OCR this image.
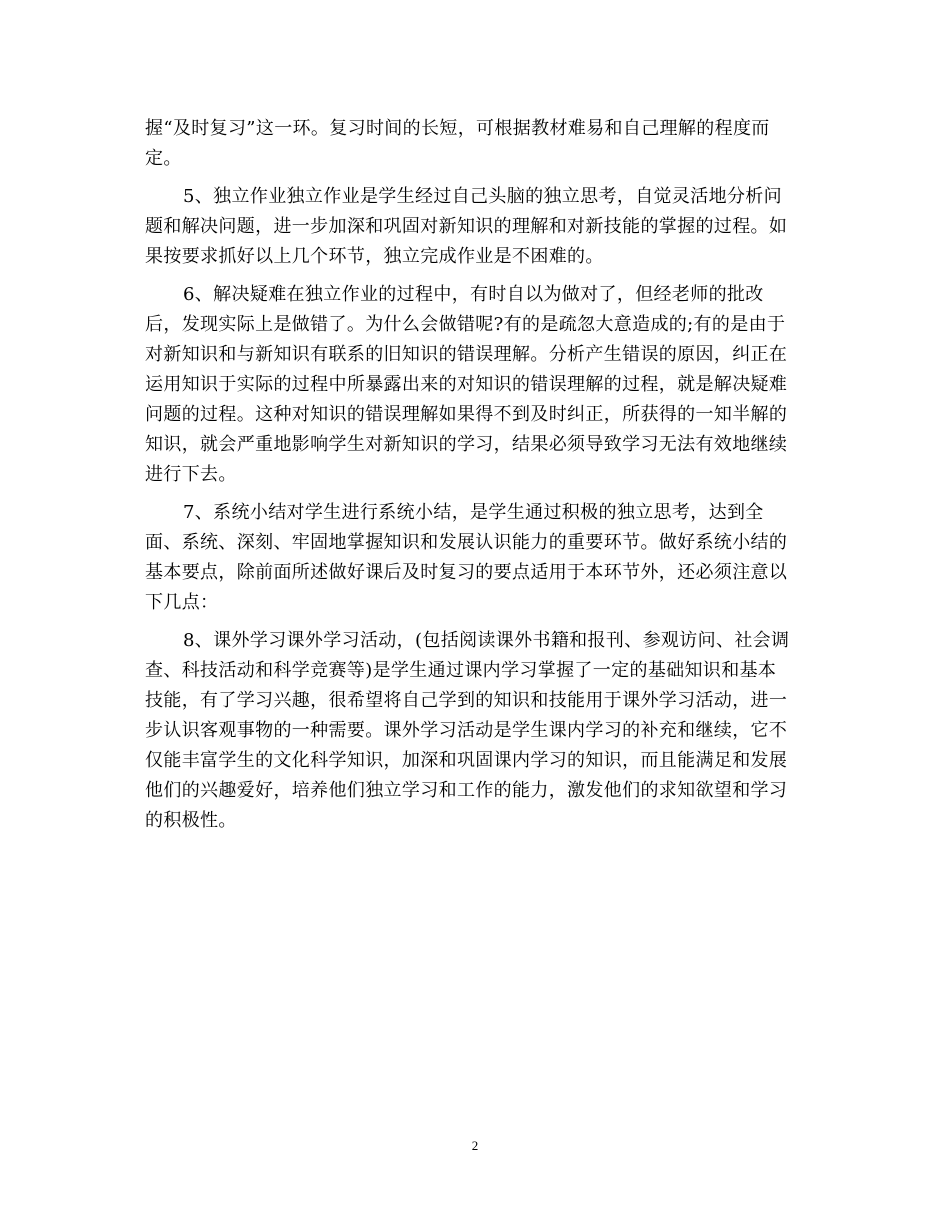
握“及时复习”这一环。复习时间的长短，可根据教材难易和自己理解的程度而
定。
5、独立作业独立作业是学生经过自己头脑的独立思考，自觉灵活地分析问
题和解决问题，进一步加深和巩固对新知识的理解和对新技能的掌握的过程。如
果按要求抓好以上几个环节，独立完成作业是不困难的。
6、解决疑难在独立作业的过程中，有时自以为做对了，但经老师的批改
后，发现实际上是做错了。为什么会做错呢?有的是疏忽大意造成的;有的是由于
对新知识和与新知识有联系的旧知识的错误理解。分析产生错误的原因，纠正在
运用知识于实际的过程中所暴露出来的对知识的错误理解的过程，就是解决疑难
问题的过程。这种对知识的错误理解如果得不到及时纠正，所获得的一知半解的
知识，就会严重地影响学生对新知识的学习，结果必须导致学习无法有效地继续
进行下去。
7、系统小结对学生进行系统小结，是学生通过积极的独立思考，达到全
面、系统、深刻、牢固地掌握知识和发展认识能力的重要环节。做好系统小结的
基本要点，除前面所述做好课后及时复习的要点适用于本环节外，还必须注意以
下几点：
8、课外学习课外学习活动，(包括阅读课外书籍和报刊、参观访问、社会调
查、科技活动和科学竞赛等)是学生通过课内学习掌握了一定的基础知识和基本
技能，有了学习兴趣，很希望将自己学到的知识和技能用于课外学习活动，进一
步认识客观事物的一种需要。课外学习活动是学生课内学习的补充和继续，它不
仅能丰富学生的文化科学知识，加深和巩固课内学习的知识，而且能满足和发展
他们的兴趣爱好，培养他们独立学习和工作的能力，激发他们的求知欲望和学习
的积极性。
2
